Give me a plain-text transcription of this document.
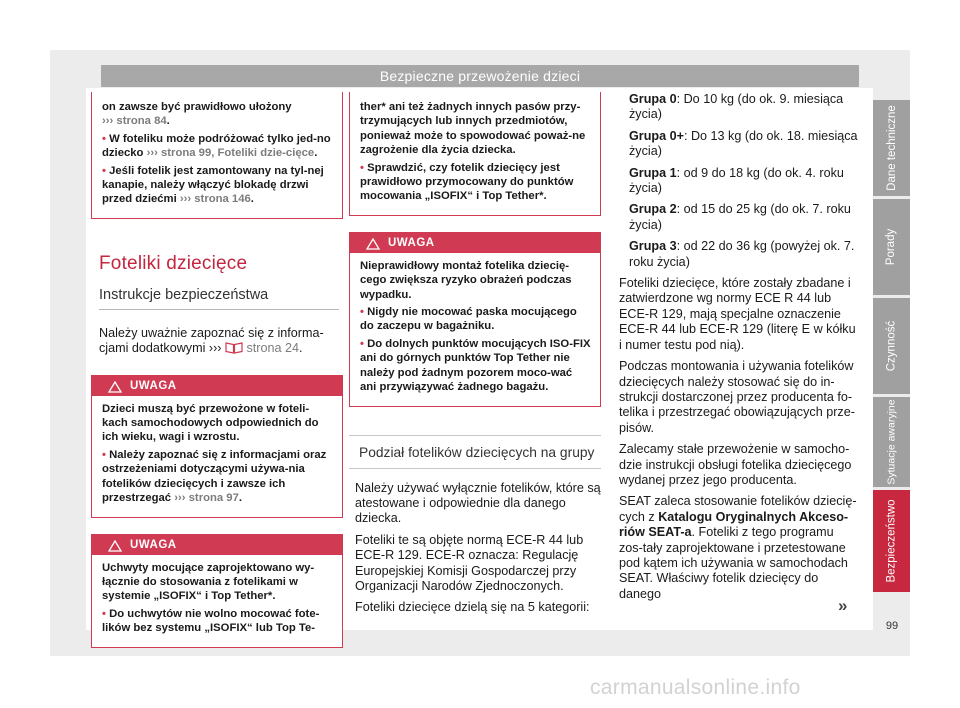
Bezpieczne przewożenie dzieci

on zawsze być prawidłowo ułożony
››› strona 84.

• W foteliku może podróżować tylko jed-no dziecko ››› strona 99, Foteliki dzie-cięce.

• Jeśli fotelik jest zamontowany na tyl-nej kanapie, należy włączyć blokadę drzwi przed dziećmi ››› strona 146.

Foteliki dziecięce
Instrukcje bezpieczeństwa
Należy uważnie zapoznać się z informa-cjami dodatkowymi ›››  strona 24.
UWAGA

Dzieci muszą być przewożone w foteli-kach samochodowych odpowiednich do ich wieku, wagi i wzrostu.

• Należy zapoznać się z informacjami oraz ostrzeżeniami dotyczącymi używa-nia fotelików dziecięcych i zawsze ich przestrzegać ››› strona 97.

UWAGA

Uchwyty mocujące zaprojektowano wy-łącznie do stosowania z fotelikami w systemie „ISOFIX“ i Top Tether*.

• Do uchwytów nie wolno mocować fote-lików bez systemu „ISOFIX“ lub Top Te-

ther* ani też żadnych innych pasów przy-trzymujących lub innych przedmiotów, ponieważ może to spowodować poważ-ne zagrożenie dla życia dziecka.

• Sprawdzić, czy fotelik dziecięcy jest prawidłowo przymocowany do punktów mocowania „ISOFIX“ i Top Tether*.

UWAGA

Nieprawidłowy montaż fotelika dziecię-cego zwiększa ryzyko obrażeń podczas wypadku.

• Nigdy nie mocować paska mocującego do zaczepu w bagażniku.

• Do dolnych punktów mocujących ISO-FIX ani do górnych punktów Top Tether nie należy pod żadnym pozorem moco-wać ani przywiązywać żadnego bagażu.

Podział fotelików dziecięcych na grupy

Należy używać wyłącznie fotelików, które są atestowane i odpowiednie dla danego dziecka.

Foteliki te są objęte normą ECE-R 44 lub ECE-R 129. ECE-R oznacza: Regulację Europejskiej Komisji Gospodarczej przy Organizacji Narodów Zjednoczonych.

Foteliki dziecięce dzielą się na 5 kategorii:

Grupa 0: Do 10 kg (do ok. 9. miesiąca życia)
Grupa 0+: Do 13 kg (do ok. 18. miesiąca życia)
Grupa 1: od 9 do 18 kg (do ok. 4. roku życia)
Grupa 2: od 15 do 25 kg (do ok. 7. roku życia)
Grupa 3: od 22 do 36 kg (powyżej ok. 7. roku życia)

Foteliki dziecięce, które zostały zbadane i zatwierdzone wg normy ECE R 44 lub ECE-R 129, mają specjalne oznaczenie ECE-R 44 lub ECE-R 129 (literę E w kółku i numer testu pod nią).

Podczas montowania i używania fotelików dziecięcych należy stosować się do in-strukcji dostarczonej przez producenta fo-telika i przestrzegać obowiązujących prze-pisów.

Zalecamy stałe przewożenie w samocho-dzie instrukcji obsługi fotelika dziecięcego wydanej przez jego producenta.

SEAT zaleca stosowanie fotelików dziecię-cych z Katalogu Oryginalnych Akceso-riów SEAT-a. Foteliki z tego programu zos-tały zaprojektowane i przetestowane pod kątem ich używania w samochodach SEAT. Właściwy fotelik dziecięcy do danego

»
Dane techniczne
Porady
Czynność
Sytuacje awaryjne
Bezpieczeństwo
99
carmanualsonline.info
